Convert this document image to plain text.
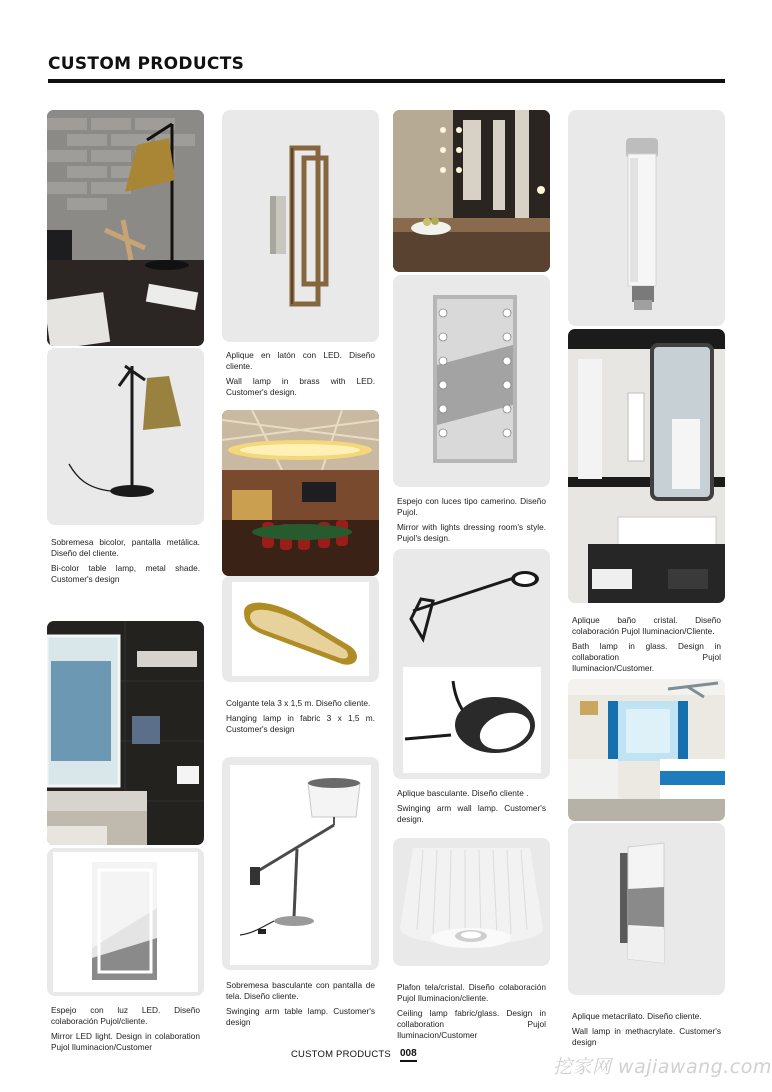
CUSTOM PRODUCTS

Sobremesa bicolor, pantalla metálica. Diseño del cliente.

Bi-color table lamp, metal shade. Customer's design

Espejo con luz LED. Diseño colaboración Pujol/cliente.

Mirror LED light. Design in colaboration Pujol Iluminacion/Customer

Aplique en latón con LED. Diseño cliente.

Wall lamp in brass with LED. Customer's design.

Colgante tela 3 x 1,5 m. Diseño cliente.

Hanging lamp in fabric 3 x 1,5 m. Customer's design

Sobremesa basculante con pantalla de tela. Diseño cliente.

Swinging arm table lamp. Customer's design

Espejo con luces tipo camerino. Diseño Pujol.

Mirror with lights dressing room's style. Pujol's design.

Aplique basculante. Diseño cliente .

Swinging arm wall lamp. Customer's design.

Plafon tela/cristal. Diseño colaboración Pujol Iluminacion/cliente.

Ceiling lamp fabric/glass. Design in collaboration Pujol Iluminacion/Customer

Aplique baño cristal. Diseño colaboración Pujol Iluminacion/Cliente.

Bath lamp in glass. Design in collaboration Pujol Iluminacion/Customer.

Aplique metacrilato. Diseño cliente.

Wall lamp in methacrylate. Customer's design

CUSTOM PRODUCTS 008
挖家网 wajiawang.com
